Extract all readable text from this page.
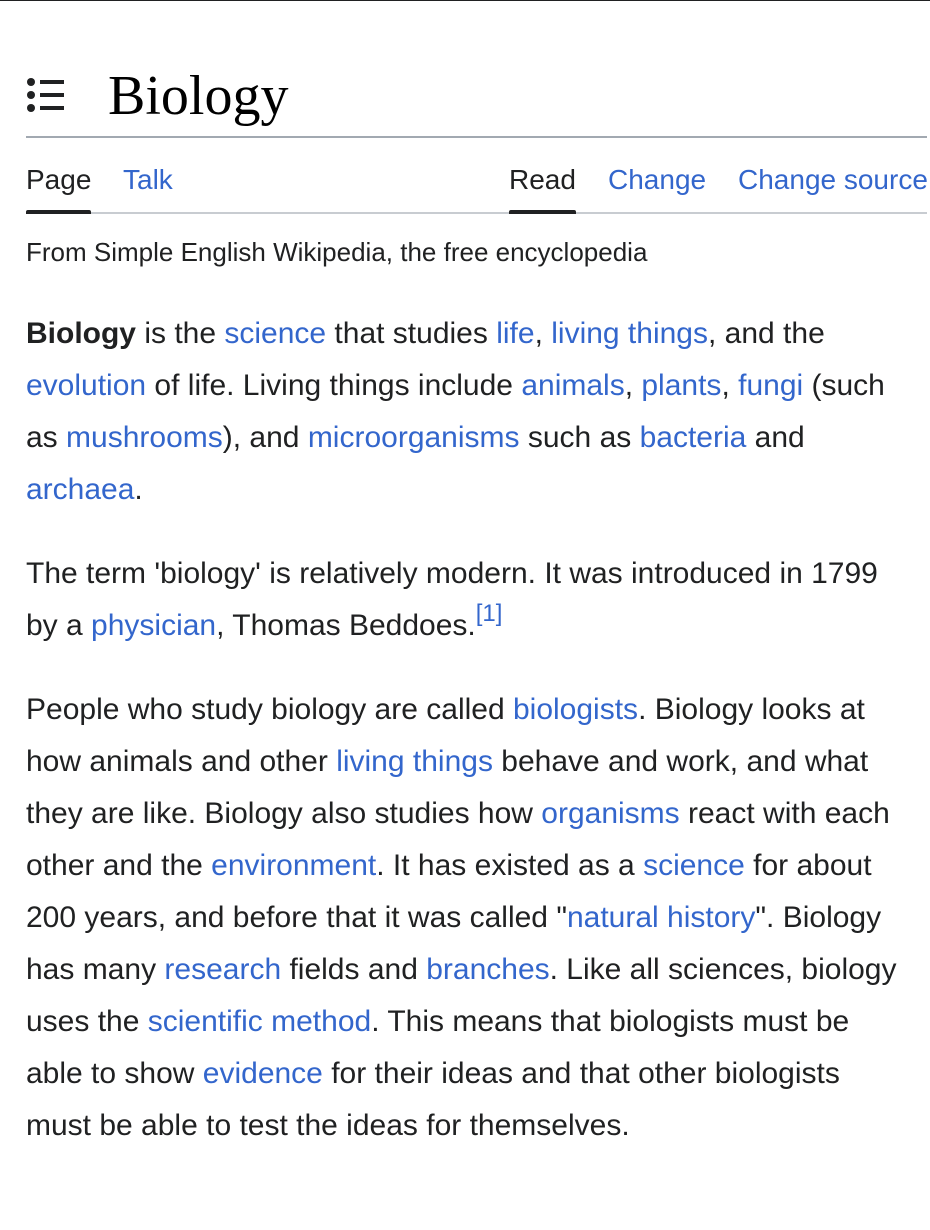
Biology
Page Talk	Read Change Change source
From Simple English Wikipedia, the free encyclopedia

Biology is the science that studies life, living things, and the evolution of life. Living things include animals, plants, fungi (such as mushrooms), and microorganisms such as bacteria and archaea.

The term 'biology' is relatively modern. It was introduced in 1799 by a physician, Thomas Beddoes.[1]

People who study biology are called biologists. Biology looks at how animals and other living things behave and work, and what they are like. Biology also studies how organisms react with each other and the environment. It has existed as a science for about 200 years, and before that it was called "natural history". Biology has many research fields and branches. Like all sciences, biology uses the scientific method. This means that biologists must be able to show evidence for their ideas and that other biologists must be able to test the ideas for themselves.
